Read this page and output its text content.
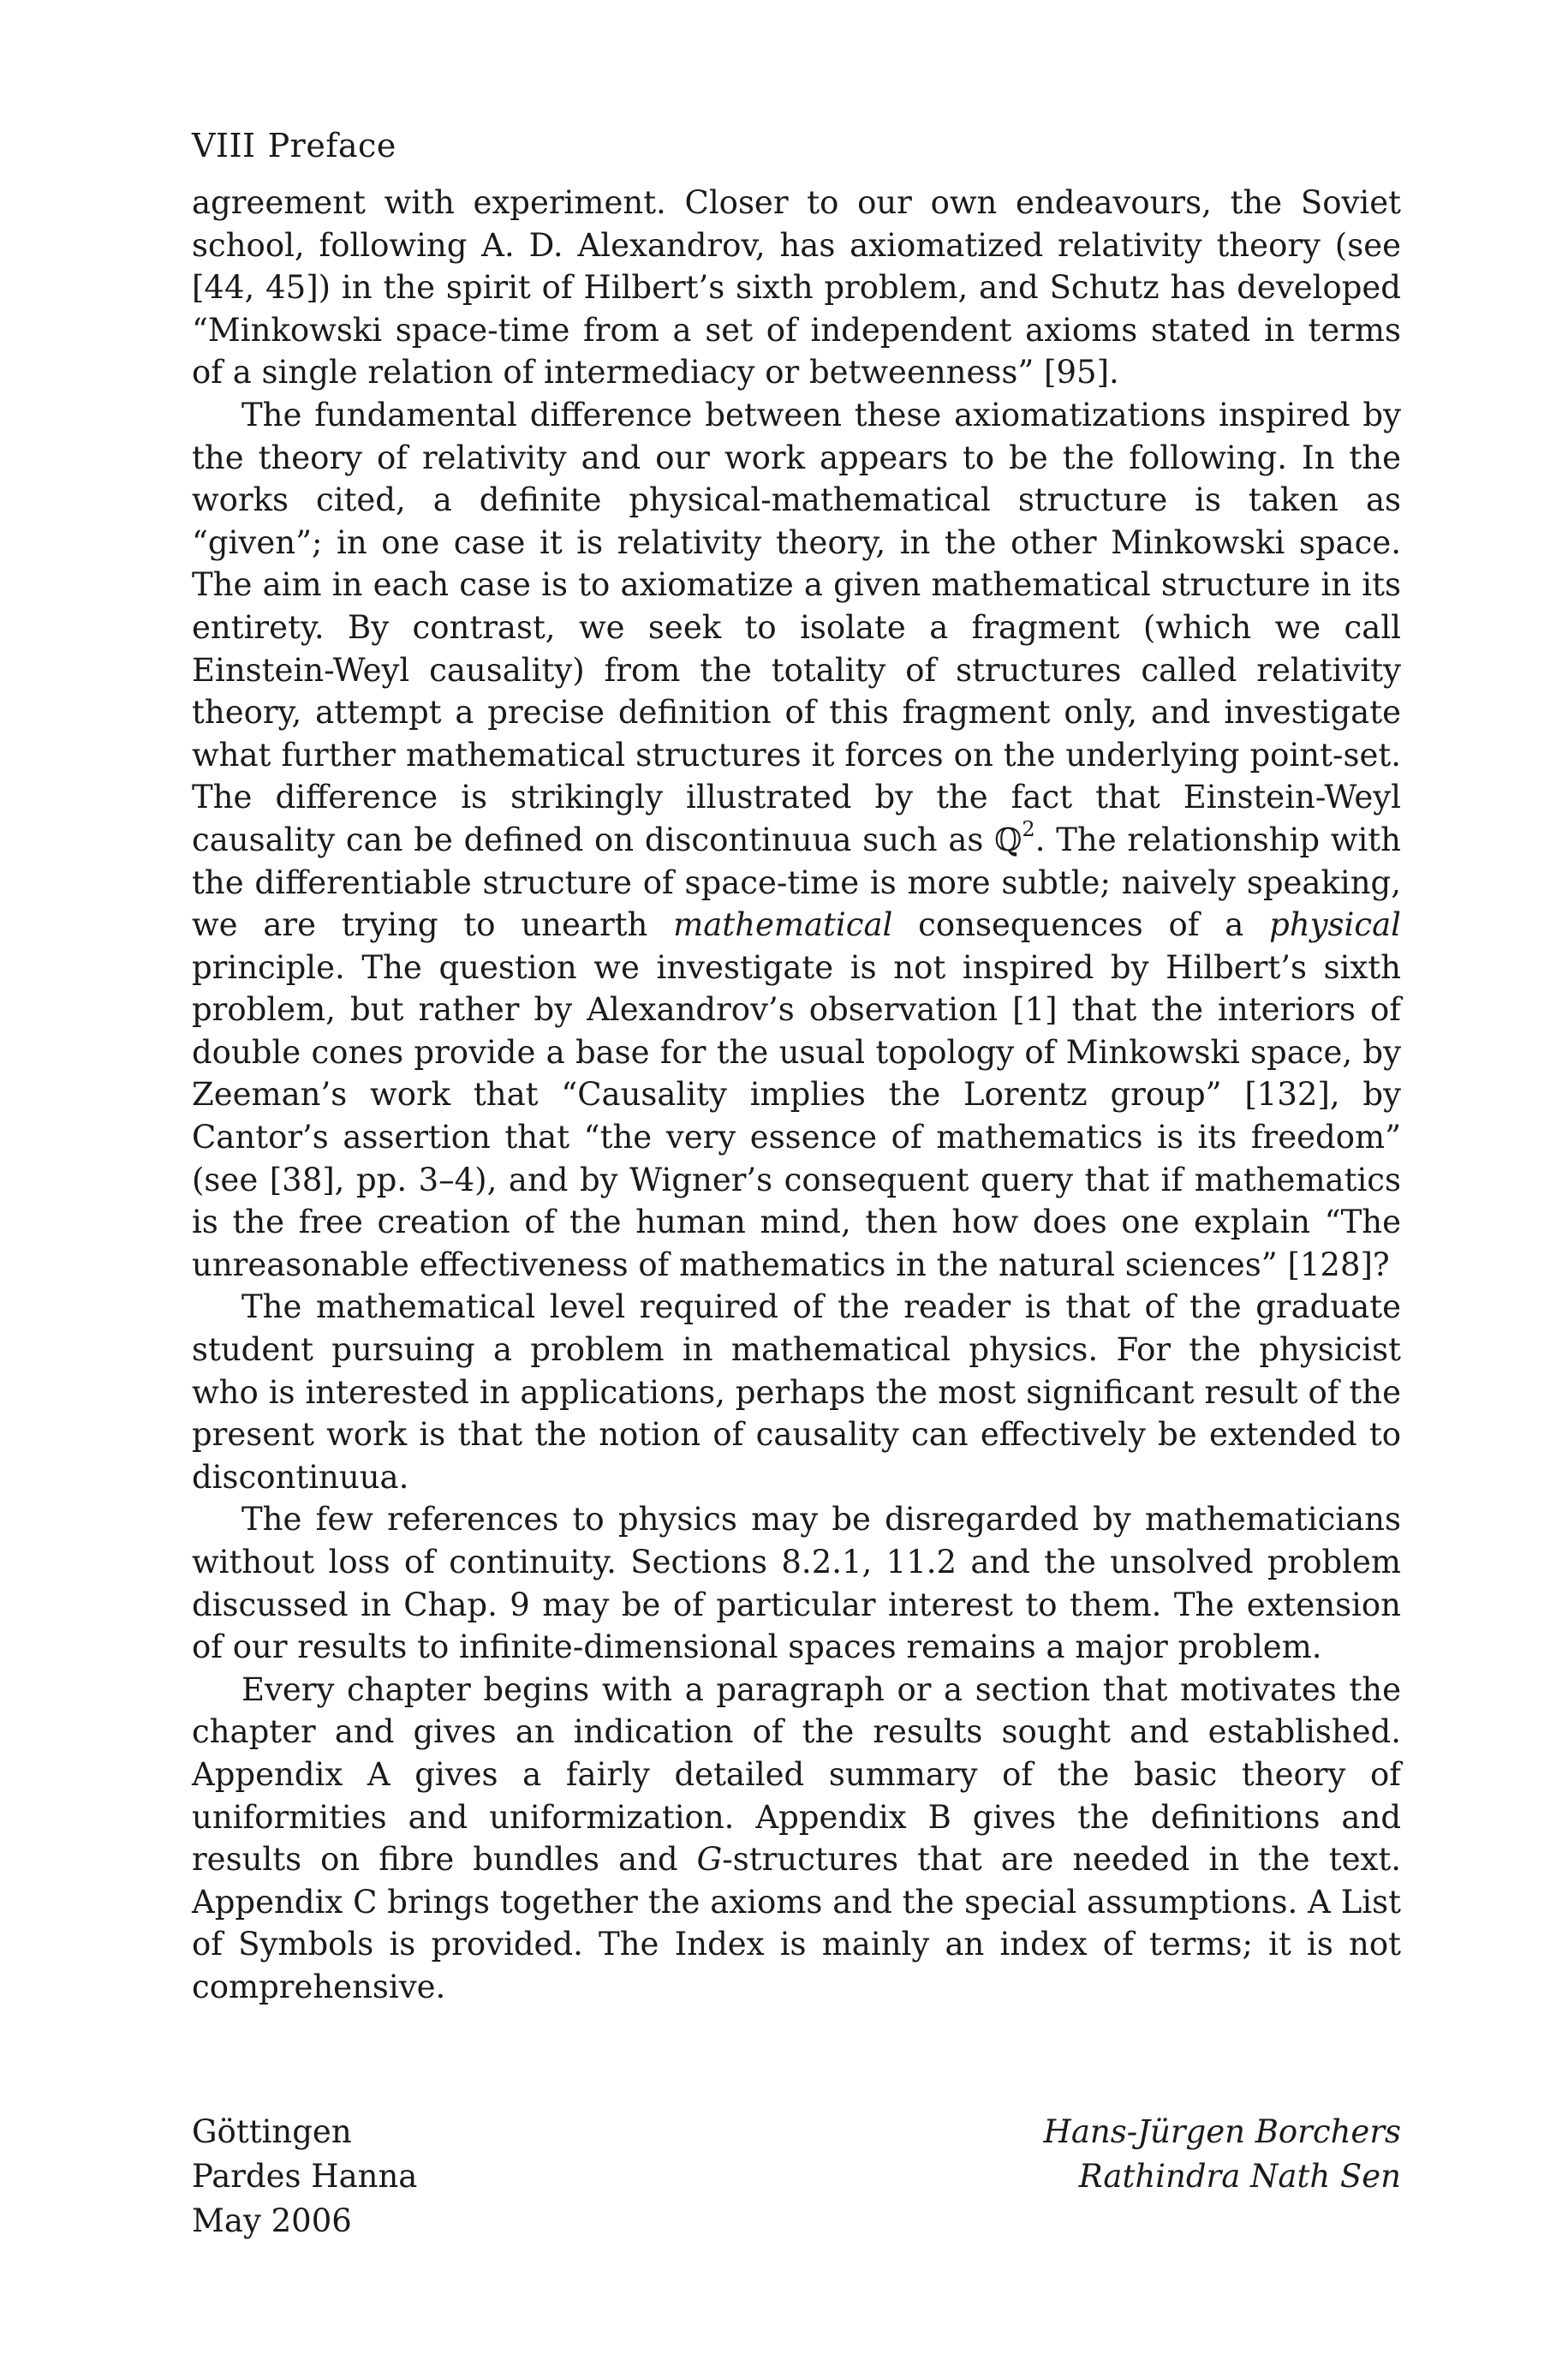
VIII Preface

agreement with experiment. Closer to our own endeavours, the Soviet school, following A. D. Alexandrov, has axiomatized relativity theory (see [44, 45]) in the spirit of Hilbert’s sixth problem, and Schutz has developed “Minkowski space-time from a set of independent axioms stated in terms of a single relation of intermediacy or betweenness” [95].

The fundamental difference between these axiomatizations inspired by the theory of relativity and our work appears to be the following. In the works cited, a definite physical-mathematical structure is taken as “given”; in one case it is relativity theory, in the other Minkowski space. The aim in each case is to axiomatize a given mathematical structure in its entirety. By contrast, we seek to isolate a fragment (which we call Einstein-Weyl causality) from the totality of structures called relativity theory, attempt a precise definition of this fragment only, and investigate what further mathematical structures it forces on the underlying point-set. The difference is strikingly illustrated by the fact that Einstein-Weyl causality can be defined on discontinuua such as ℚ$^2$. The relationship with the differentiable structure of space-time is more subtle; naively speaking, we are trying to unearth mathematical consequences of a physical principle. The question we investigate is not inspired by Hilbert’s sixth problem, but rather by Alexandrov’s observation [1] that the interiors of double cones provide a base for the usual topology of Minkowski space, by Zeeman’s work that “Causality implies the Lorentz group” [132], by Cantor’s assertion that “the very essence of mathematics is its freedom” (see [38], pp. 3–4), and by Wigner’s consequent query that if mathematics is the free creation of the human mind, then how does one explain “The unreasonable effectiveness of mathematics in the natural sciences” [128]?

The mathematical level required of the reader is that of the graduate student pursuing a problem in mathematical physics. For the physicist who is interested in applications, perhaps the most significant result of the present work is that the notion of causality can effectively be extended to discontinuua.

The few references to physics may be disregarded by mathematicians without loss of continuity. Sections 8.2.1, 11.2 and the unsolved problem discussed in Chap. 9 may be of particular interest to them. The extension of our results to infinite-dimensional spaces remains a major problem.

Every chapter begins with a paragraph or a section that motivates the chapter and gives an indication of the results sought and established. Appendix A gives a fairly detailed summary of the basic theory of uniformities and uniformization. Appendix B gives the definitions and results on fibre bundles and G-structures that are needed in the text. Appendix C brings together the axioms and the special assumptions. A List of Symbols is provided. The Index is mainly an index of terms; it is not comprehensive.

Göttingen
Pardes Hanna
May 2006
Hans-Jürgen Borchers
Rathindra Nath Sen
